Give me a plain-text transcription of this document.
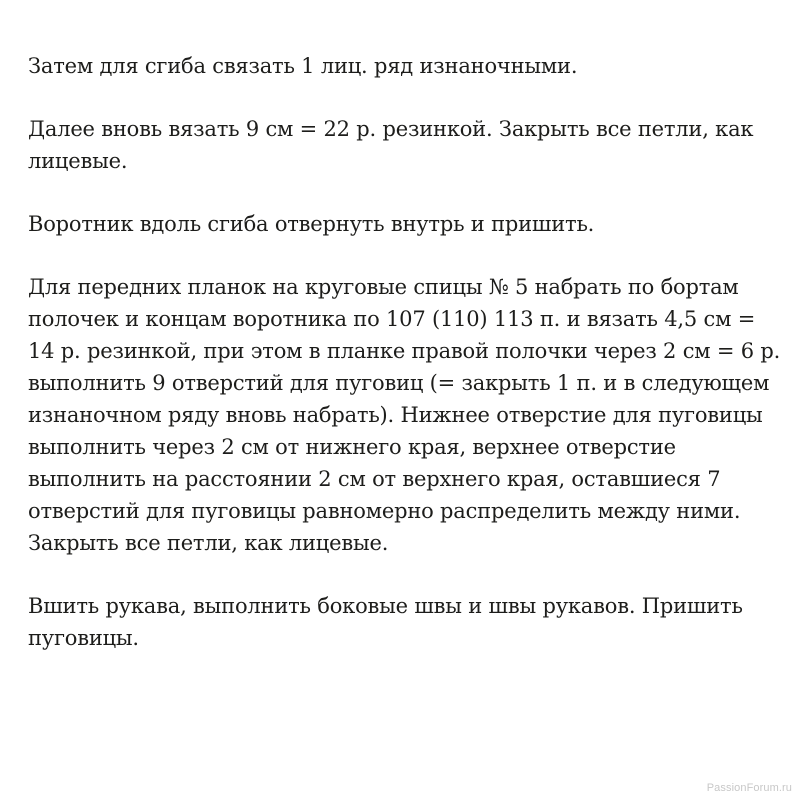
Затем для сгиба связать 1 лиц. ряд изнаночными.

Далее вновь вязать 9 см = 22 р. резинкой. Закрыть все петли, как
лицевые.

Воротник вдоль сгиба отвернуть внутрь и пришить.

Для передних планок на круговые спицы № 5 набрать по бортам
полочек и концам воротника по 107 (110) 113 п. и вязать 4,5 см =
14 р. резинкой, при этом в планке правой полочки через 2 см = 6 р.
выполнить 9 отверстий для пуговиц (= закрыть 1 п. и в следующем
изнаночном ряду вновь набрать). Нижнее отверстие для пуговицы
выполнить через 2 см от нижнего края, верхнее отверстие
выполнить на расстоянии 2 см от верхнего края, оставшиеся 7
отверстий для пуговицы равномерно распределить между ними.
Закрыть все петли, как лицевые.

Вшить рукава, выполнить боковые швы и швы рукавов. Пришить
пуговицы.

PassionForum.ru
